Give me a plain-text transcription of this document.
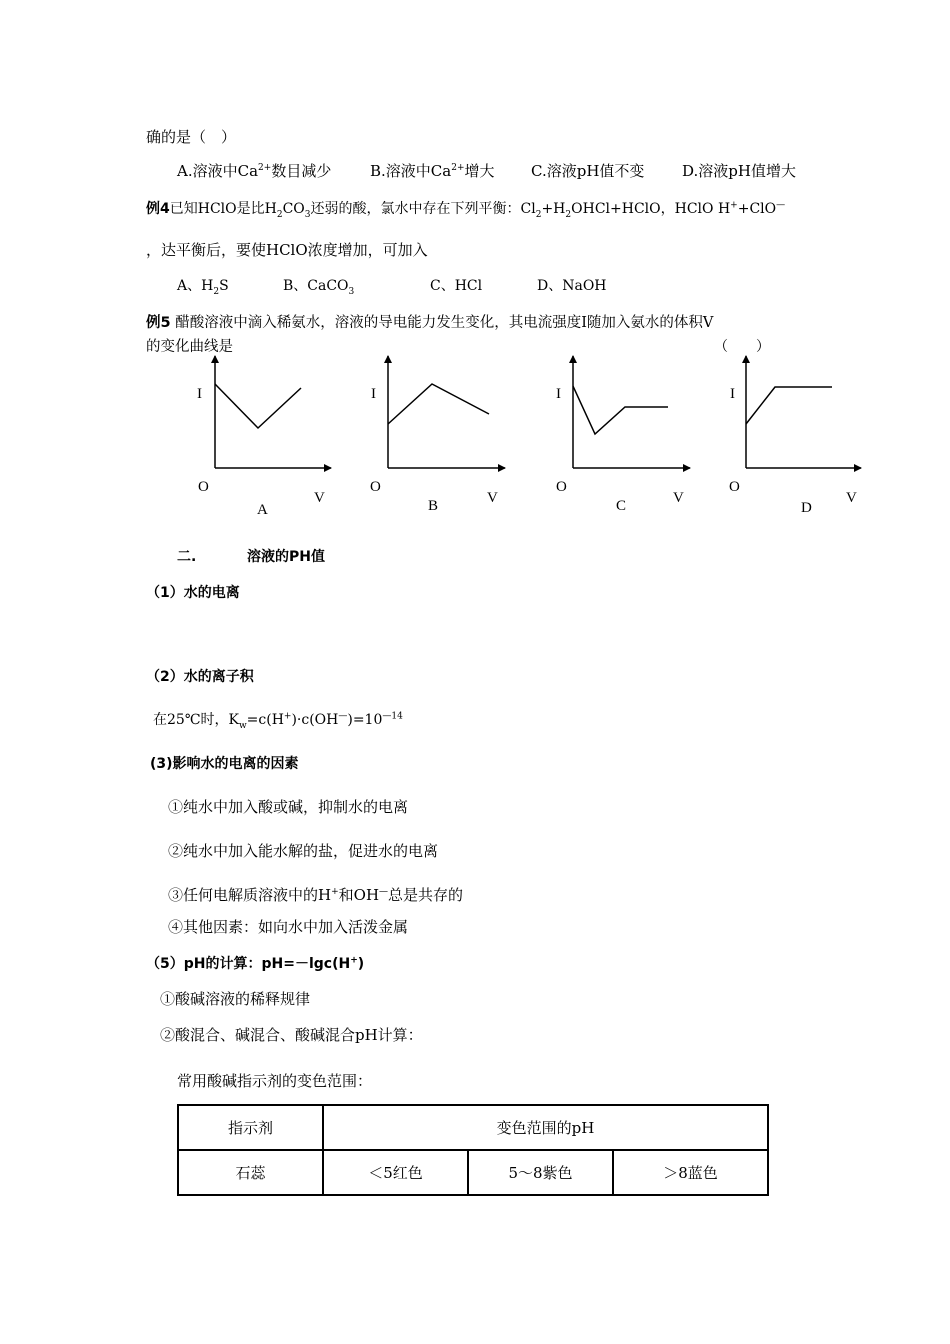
确的是（　）
A.溶液中$Ca^{2+}$数目减少	B.溶液中$Ca^{2+}$增大 C.溶液pH值不变	D.溶液pH值增大
例4已知HClO是比$H_2CO_3$还弱的酸，氯水中存在下列平衡：$Cl_2+H_2OHCl+HClO$，HClO H++ClO—
，达平衡后，要使HClO浓度增加，可加入
A、$H_2S$	B、CaCO$_3$	C、HCl	D、NaOH
例5 醋酸溶液中滴入稀氨水，溶液的导电能力发生变化，其电流强度I随加入氨水的体积V
的变化曲线是	（　　）
I
O
V
A
I
O
V
B
I
O
V
C
I
O
V
D
二.	溶液的PH值
（1）水的电离
（2）水的离子积
在25℃时，$K_w=c(H^+)\cdot c(OH^—)=10^{—14}$
(3)影响水的电离的因素
①纯水中加入酸或碱，抑制水的电离
②纯水中加入能水解的盐，促进水的电离
③任何电解质溶液中的H+和OH—总是共存的
④其他因素：如向水中加入活泼金属
（5）pH的计算：pH=－lgc(H+)
①酸碱溶液的稀释规律
②酸混合、碱混合、酸碱混合pH计算：
常用酸碱指示剂的变色范围：
指示剂	变色范围的pH		
石蕊	＜5红色	5～8紫色	＞8蓝色
